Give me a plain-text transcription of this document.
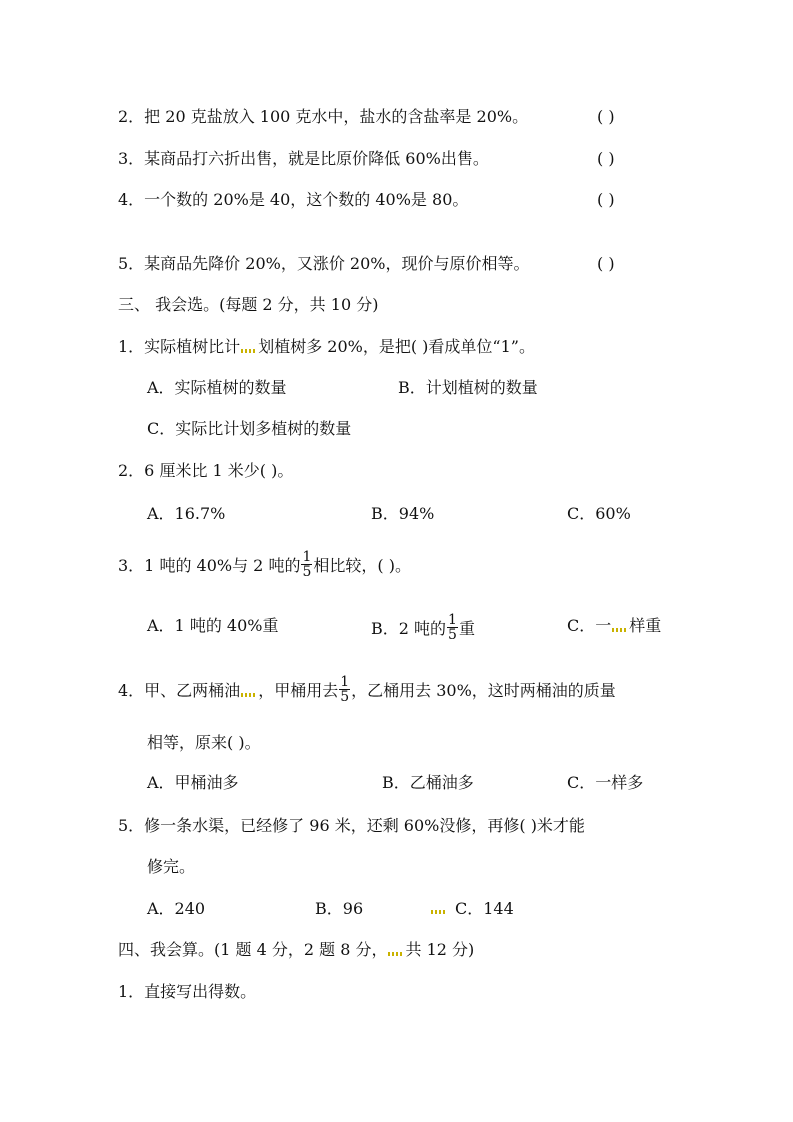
2．把 20 克盐放入 100 克水中，盐水的含盐率是 20%。	( )
3．某商品打六折出售，就是比原价降低 60%出售。	( )
4．一个数的 20%是 40，这个数的 40%是 80。	( )
5．某商品先降价 20%，又涨价 20%，现价与原价相等。	( )
三、 我会选。(每题 2 分，共 10 分)
1．实际植树比计 划植树多 20%，是把( )看成单位“1”。
A．实际植树的数量	B．计划植树的数量
C．实际比计划多植树的数量
2．6 厘米比 1 米少( )。
A．16.7%	B．94%	C．60%
3．1 吨的 40%与 2 吨的 $\frac{1}{5}$ 相比较，( )。
A．1 吨的 40%重	B．2 吨的 $\frac{1}{5}$ 重	C．一 样重
4．甲、乙两桶油 ，甲桶用去 $\frac{1}{5}$ ，乙桶用去 30%，这时两桶油的质量
相等，原来( )。
A．甲桶油多	B．乙桶油多	C．一样多
5．修一条水渠，已经修了 96 米，还剩 60%没修，再修( )米才能
修完。
A．240	B．96	C．144
四、我会算。(1 题 4 分，2 题 8 分， 共 12 分)
1．直接写出得数。
